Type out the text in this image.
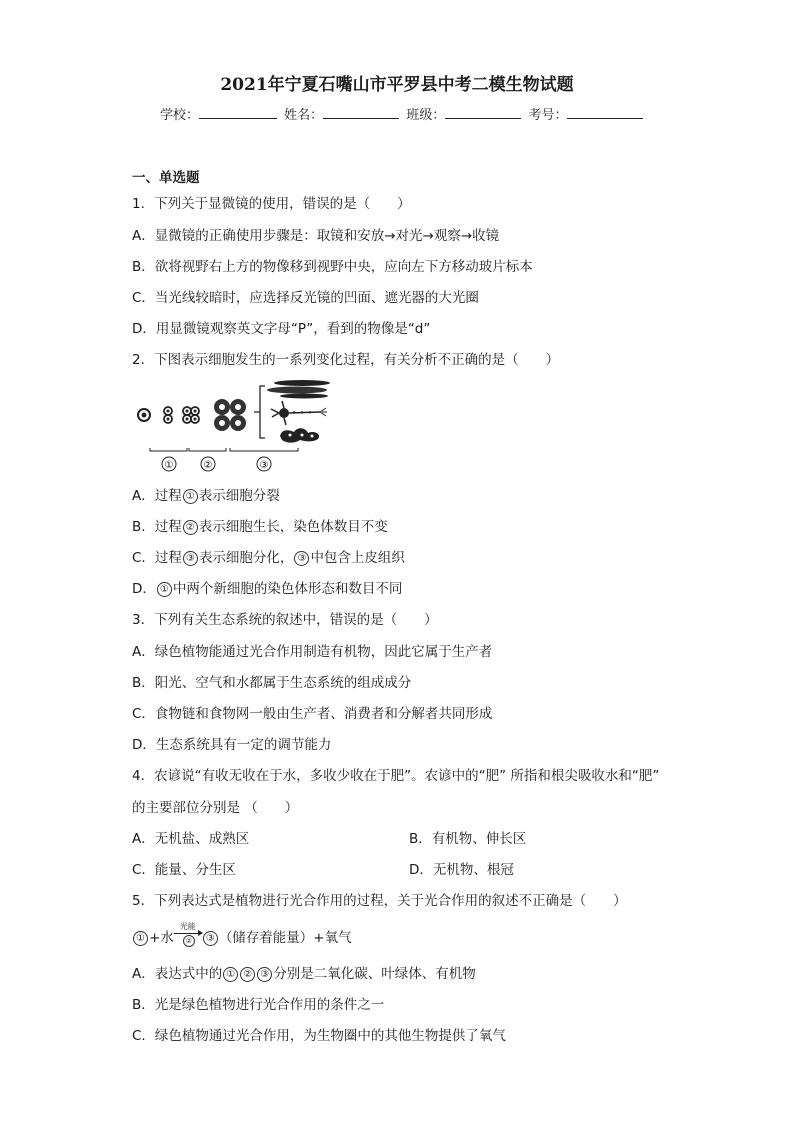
2021年宁夏石嘴山市平罗县中考二模生物试题
学校：	姓名：	班级：	考号：
一、单选题
1．下列关于显微镜的使用，错误的是（　　）
A．显微镜的正确使用步骤是：取镜和安放→对光→观察→收镜
B．欲将视野右上方的物像移到视野中央，应向左下方移动玻片标本
C．当光线较暗时，应选择反光镜的凹面、遮光器的大光圈
D．用显微镜观察英文字母“P”，看到的物像是“d”
2．下图表示细胞发生的一系列变化过程，有关分析不正确的是（　　）
①	②	③
A．过程 ① 表示细胞分裂
B．过程 ② 表示细胞生长，染色体数目不变
C．过程 ③ 表示细胞分化， ③ 中包含上皮组织
D． ① 中两个新细胞的染色体形态和数目不同
3．下列有关生态系统的叙述中，错误的是（　　）
A．绿色植物能通过光合作用制造有机物，因此它属于生产者
B．阳光、空气和水都属于生态系统的组成成分
C．食物链和食物网一般由生产者、消费者和分解者共同形成
D．生态系统具有一定的调节能力
4．农谚说“有收无收在于水，多收少收在于肥”。农谚中的“肥” 所指和根尖吸收水和“肥”
的主要部位分别是 （　　）
A．无机盐、成熟区	B．有机物、伸长区
C．能量、分生区	D．无机物、根冠
5．下列表达式是植物进行光合作用的过程，关于光合作用的叙述不正确是（　　）
① +水 $\frac{\text{光能}}{\text{②}}$ ③ （储存着能量）+氧气
A．表达式中的 ① ② ③ 分别是二氧化碳、叶绿体、有机物
B．光是绿色植物进行光合作用的条件之一
C．绿色植物通过光合作用，为生物圈中的其他生物提供了氧气
